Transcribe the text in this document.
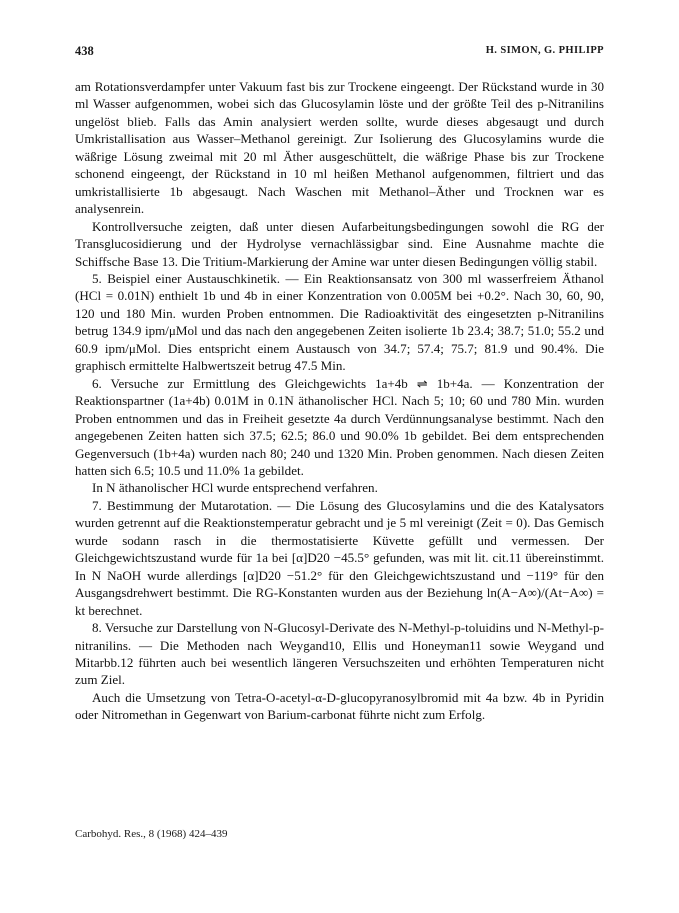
438	H. SIMON, G. PHILIPP

am Rotationsverdampfer unter Vakuum fast bis zur Trockene eingeengt. Der Rückstand wurde in 30 ml Wasser aufgenommen, wobei sich das Glucosylamin löste und der größte Teil des p-Nitranilins ungelöst blieb. Falls das Amin analysiert werden sollte, wurde dieses abgesaugt und durch Umkristallisation aus Wasser–Methanol gereinigt. Zur Isolierung des Glucosylamins wurde die wäßrige Lösung zweimal mit 20 ml Äther ausgeschüttelt, die wäßrige Phase bis zur Trockene schonend eingeengt, der Rückstand in 10 ml heißen Methanol aufgenommen, filtriert und das umkristallisierte 1b abgesaugt. Nach Waschen mit Methanol–Äther und Trocknen war es analysenrein.

Kontrollversuche zeigten, daß unter diesen Aufarbeitungsbedingungen sowohl die RG der Transglucosidierung und der Hydrolyse vernachlässigbar sind. Eine Ausnahme machte die Schiffsche Base 13. Die Tritium-Markierung der Amine war unter diesen Bedingungen völlig stabil.

5. Beispiel einer Austauschkinetik. — Ein Reaktionsansatz von 300 ml wasserfreiem Äthanol (HCl = 0.01N) enthielt 1b und 4b in einer Konzentration von 0.005M bei +0.2°. Nach 30, 60, 90, 120 und 180 Min. wurden Proben entnommen. Die Radioaktivität des eingesetzten p-Nitranilins betrug 134.9 ipm/μMol und das nach den angegebenen Zeiten isolierte 1b 23.4; 38.7; 51.0; 55.2 und 60.9 ipm/μMol. Dies entspricht einem Austausch von 34.7; 57.4; 75.7; 81.9 und 90.4%. Die graphisch ermittelte Halbwertszeit betrug 47.5 Min.

6. Versuche zur Ermittlung des Gleichgewichts 1a+4b ⇌ 1b+4a. — Konzentration der Reaktionspartner (1a+4b) 0.01M in 0.1N äthanolischer HCl. Nach 5; 10; 60 und 780 Min. wurden Proben entnommen und das in Freiheit gesetzte 4a durch Verdünnungsanalyse bestimmt. Nach den angegebenen Zeiten hatten sich 37.5; 62.5; 86.0 und 90.0% 1b gebildet. Bei dem entsprechenden Gegenversuch (1b+4a) wurden nach 80; 240 und 1320 Min. Proben genommen. Nach diesen Zeiten hatten sich 6.5; 10.5 und 11.0% 1a gebildet.

In N äthanolischer HCl wurde entsprechend verfahren.

7. Bestimmung der Mutarotation. — Die Lösung des Glucosylamins und die des Katalysators wurden getrennt auf die Reaktionstemperatur gebracht und je 5 ml vereinigt (Zeit = 0). Das Gemisch wurde sodann rasch in die thermostatisierte Küvette gefüllt und vermessen. Der Gleichgewichtszustand wurde für 1a bei [α]D20 −45.5° gefunden, was mit lit. cit.11 übereinstimmt. In N NaOH wurde allerdings [α]D20 −51.2° für den Gleichgewichtszustand und −119° für den Ausgangsdrehwert bestimmt. Die RG-Konstanten wurden aus der Beziehung ln(A−A∞)/(At−A∞) = kt berechnet.

8. Versuche zur Darstellung von N-Glucosyl-Derivate des N-Methyl-p-toluidins und N-Methyl-p-nitranilins. — Die Methoden nach Weygand10, Ellis und Honeyman11 sowie Weygand und Mitarbb.12 führten auch bei wesentlich längeren Versuchszeiten und erhöhten Temperaturen nicht zum Ziel.

Auch die Umsetzung von Tetra-O-acetyl-α-D-glucopyranosylbromid mit 4a bzw. 4b in Pyridin oder Nitromethan in Gegenwart von Barium-carbonat führte nicht zum Erfolg.

Carbohyd. Res., 8 (1968) 424–439
